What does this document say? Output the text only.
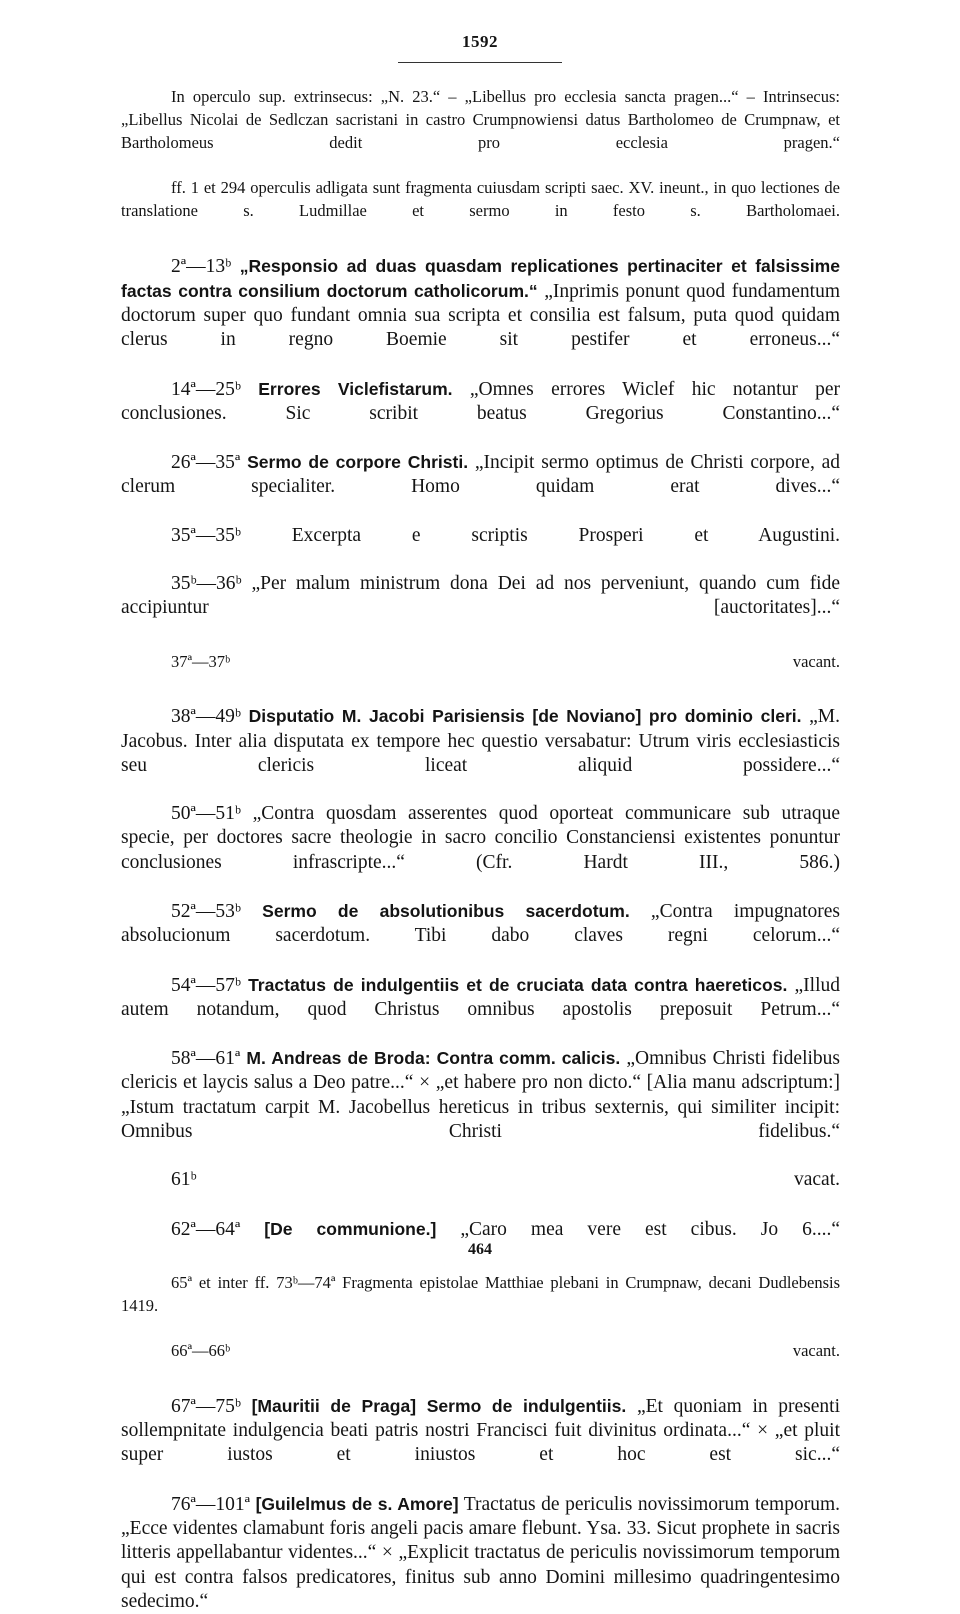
1592

In operculo sup. extrinsecus: „N. 23.“ – „Libellus pro ecclesia sancta pragen...“ – Intrinsecus: „Libellus Nicolai de Sedlczan sacristani in castro Crumpnowiensi datus Bartholomeo de Crumpnaw, et Bartholomeus dedit pro ecclesia pragen.“

ff. 1 et 294 operculis adligata sunt fragmenta cuiusdam scripti saec. XV. ineunt., in quo lectiones de translatione s. Ludmillae et sermo in festo s. Bartholomaei.

2ª—13ᵇ „Responsio ad duas quasdam replicationes pertinaciter et falsissime factas contra consilium doctorum catholicorum.“ „Inprimis ponunt quod fundamentum doctorum super quo fundant omnia sua scripta et consilia est falsum, puta quod quidam clerus in regno Boemie sit pestifer et erroneus...“

14ª—25ᵇ Errores Viclefistarum. „Omnes errores Wiclef hic notantur per conclusiones. Sic scribit beatus Gregorius Constantino...“

26ª—35ª Sermo de corpore Christi. „Incipit sermo optimus de Christi corpore, ad clerum specialiter. Homo quidam erat dives...“

35ª—35ᵇ	Excerpta e scriptis Prosperi et Augustini.

35ᵇ—36ᵇ „Per malum ministrum dona Dei ad nos perveniunt, quando cum fide accipiuntur [auctoritates]...“

37ª—37ᵇ	vacant.

38ª—49ᵇ Disputatio M. Jacobi Parisiensis [de Noviano] pro dominio cleri. „M. Jacobus. Inter alia disputata ex tempore hec questio versabatur: Utrum viris ecclesiasticis seu clericis liceat aliquid possidere...“

50ª—51ᵇ „Contra quosdam asserentes quod oporteat communicare sub utraque specie, per doctores sacre theologie in sacro concilio Constanciensi existentes ponuntur conclusiones infrascripte...“ (Cfr. Hardt III., 586.)

52ª—53ᵇ Sermo de absolutionibus sacerdotum. „Contra impugnatores absolucionum sacerdotum. Tibi dabo claves regni celorum...“

54ª—57ᵇ Tractatus de indulgentiis et de cruciata data contra haereticos. „Illud autem notandum, quod Christus omnibus apostolis preposuit Petrum...“

58ª—61ª M. Andreas de Broda: Contra comm. calicis. „Omnibus Christi fidelibus clericis et laycis salus a Deo patre...“ × „et habere pro non dicto.“ [Alia manu adscriptum:] „Istum tractatum carpit M. Jacobellus hereticus in tribus sexternis, qui similiter incipit: Omnibus Christi fidelibus.“

61ᵇ	vacat.

62ª—64ª [De communione.] „Caro mea vere est cibus. Jo 6....“

65ª et inter ff. 73ᵇ—74ª Fragmenta epistolae Matthiae plebani in Crumpnaw, decani Dudlebensis 1419.

66ª—66ᵇ	vacant.

67ª—75ᵇ [Mauritii de Praga] Sermo de indulgentiis. „Et quoniam in presenti sollempnitate indulgencia beati patris nostri Francisci fuit divinitus ordinata...“ × „et pluit super iustos et iniustos et hoc est sic...“

76ª—101ª [Guilelmus de s. Amore] Tractatus de periculis novissimorum temporum. „Ecce videntes clamabunt foris angeli pacis amare flebunt. Ysa. 33. Sicut prophete in sacris litteris appellabantur videntes...“ × „Explicit tractatus de periculis novissimorum temporum qui est contra falsos predicatores, finitus sub anno Domini millesimo quadringentesimo sedecimo.“

464
